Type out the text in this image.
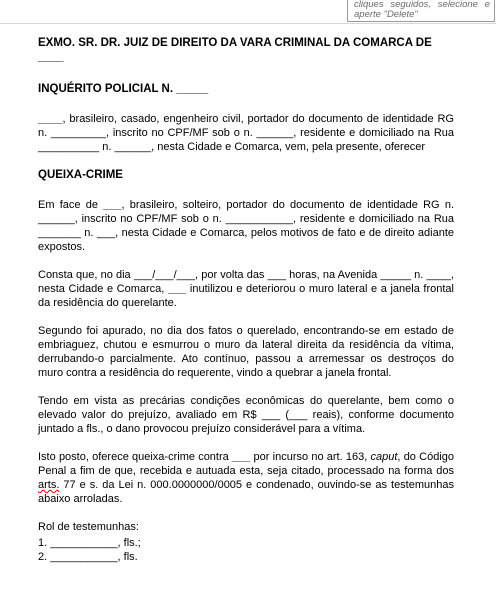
cliques seguidos, selecione e aperte "Delete"
EXMO. SR. DR. JUIZ DE DIREITO DA VARA CRIMINAL DA COMARCA DE ____
INQUÉRITO POLICIAL N. _____

____, brasileiro, casado, engenheiro civil, portador do documento de identidade RG n. _________, inscrito no CPF/MF sob o n. ______, residente e domiciliado na Rua __________ n. ______, nesta Cidade e Comarca, vem, pela presente, oferecer

QUEIXA-CRIME

Em face de ___, brasileiro, solteiro, portador do documento de identidade RG n. ______, inscrito no CPF/MF sob o n. ___________, residente e domiciliado na Rua _______ n. ___, nesta Cidade e Comarca, pelos motivos de fato e de direito adiante expostos.

Consta que, no dia ___/___/___, por volta das ___ horas, na Avenida _____ n. ____, nesta Cidade e Comarca, ___ inutilizou e deteriorou o muro lateral e a janela frontal da residência do querelante.

Segundo foi apurado, no dia dos fatos o querelado, encontrando-se em estado de embriaguez, chutou e esmurrou o muro da lateral direita da residência da vítima, derrubando-o parcialmente. Ato contínuo, passou a arremessar os destroços do muro contra a residência do requerente, vindo a quebrar a janela frontal.

Tendo em vista as precárias condições econômicas do querelante, bem como o elevado valor do prejuízo, avaliado em R$ ___ (___ reais), conforme documento juntado a fls., o dano provocou prejuízo considerável para a vítima.

Isto posto, oferece queixa-crime contra ___ por incurso no art. 163, caput, do Código Penal a fim de que, recebida e autuada esta, seja citado, processado na forma dos arts. 77 e s. da Lei n. 000.0000000/0005 e condenado, ouvindo-se as testemunhas abaixo arroladas.

Rol de testemunhas:
1. ___________, fls.;
2. ___________, fls.
